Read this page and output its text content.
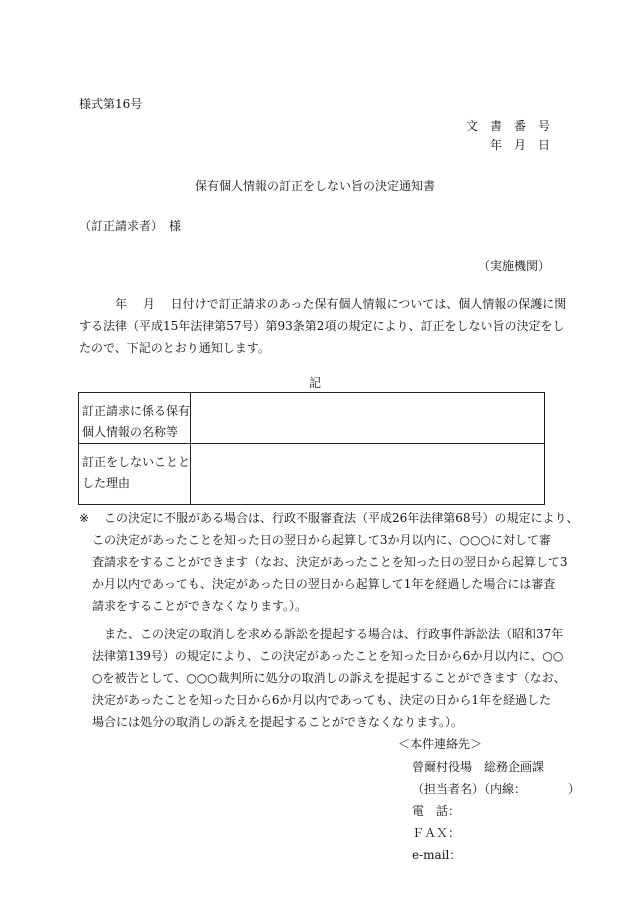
様式第16号
文　書　番　号
年　月　日
保有個人情報の訂正をしない旨の決定通知書
（訂正請求者）　様
（実施機関）
　　　年　 月　 日付けで訂正請求のあった保有個人情報については、個人情報の保護に関
する法律（平成15年法律第57号）第93条第2項の規定により、訂正をしない旨の決定をし
たので、下記のとおり通知します。
記
訂正請求に係る保有
個人情報の名称等
訂正をしないことと
した理由
※ 　この決定に不服がある場合は、行政不服審査法（平成26年法律第68号）の規定により、
この決定があったことを知った日の翌日から起算して3か月以内に、○○○に対して審
査請求をすることができます（なお、決定があったことを知った日の翌日から起算して3
か月以内であっても、決定があった日の翌日から起算して1年を経過した場合には審査
請求をすることができなくなります。）。
　また、この決定の取消しを求める訴訟を提起する場合は、行政事件訴訟法（昭和37年
法律第139号）の規定により、この決定があったことを知った日から6か月以内に、○○
○を被告として、○○○裁判所に処分の取消しの訴えを提起することができます（なお、
決定があったことを知った日から6か月以内であっても、決定の日から1年を経過した
場合には処分の取消しの訴えを提起することができなくなります。）。
＜本件連絡先＞
曾爾村役場　総務企画課
（担当者名）（内線：　　　　）
電　話：
ＦＡＸ：
e-mail：
